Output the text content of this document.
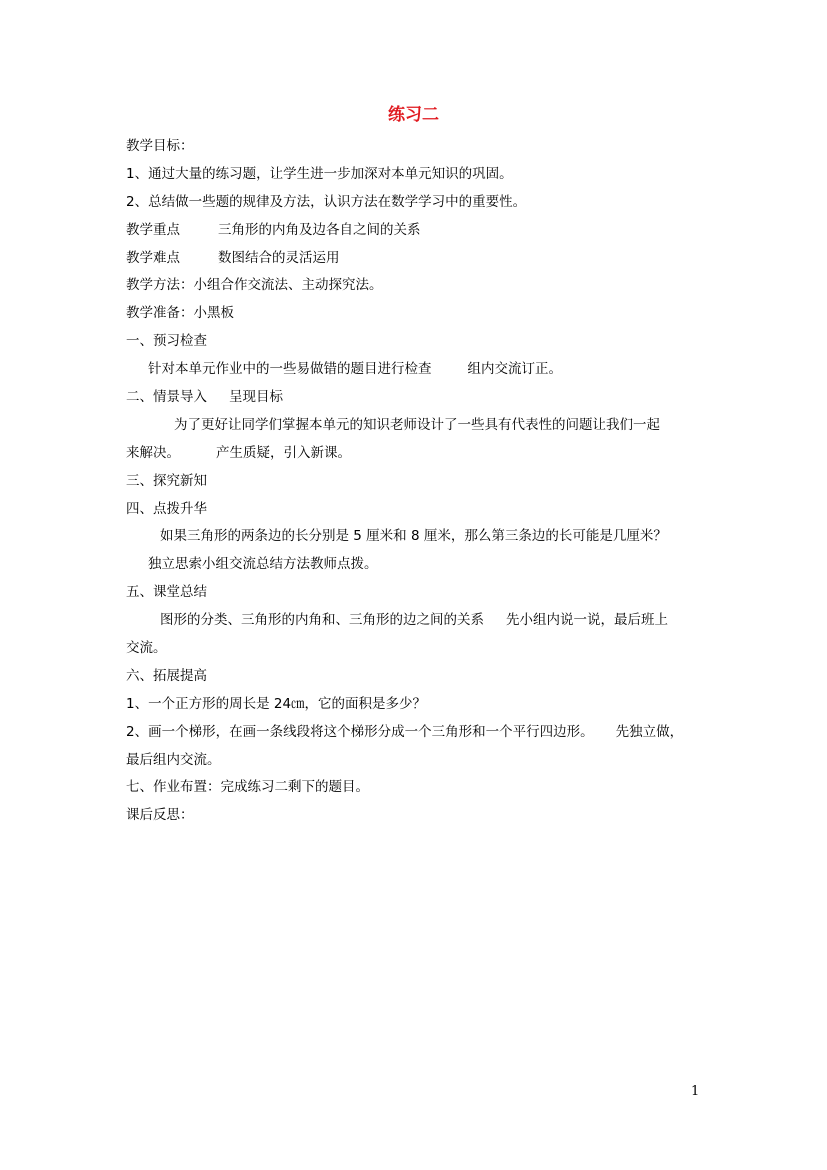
练习二
教学目标：
1、通过大量的练习题，让学生进一步加深对本单元知识的巩固。
2、总结做一些题的规律及方法，认识方法在数学学习中的重要性。
教学重点	三角形的内角及边各自之间的关系
教学难点	数图结合的灵活运用
教学方法：小组合作交流法、主动探究法。
教学准备：小黑板
一、预习检查
针对本单元作业中的一些易做错的题目进行检查	组内交流订正。
二、情景导入 呈现目标
为了更好让同学们掌握本单元的知识老师设计了一些具有代表性的问题让我们一起
来解决。	产生质疑，引入新课。
三、探究新知
四、点拨升华
如果三角形的两条边的长分别是 5 厘米和 8 厘米，那么第三条边的长可能是几厘米？
独立思索小组交流总结方法教师点拨。
五、课堂总结
图形的分类、三角形的内角和、三角形的边之间的关系 先小组内说一说，最后班上
交流。
六、拓展提高
1、一个正方形的周长是 24㎝，它的面积是多少？
2、画一个梯形，在画一条线段将这个梯形分成一个三角形和一个平行四边形。 先独立做，
最后组内交流。
七、作业布置：完成练习二剩下的题目。
课后反思：
1
